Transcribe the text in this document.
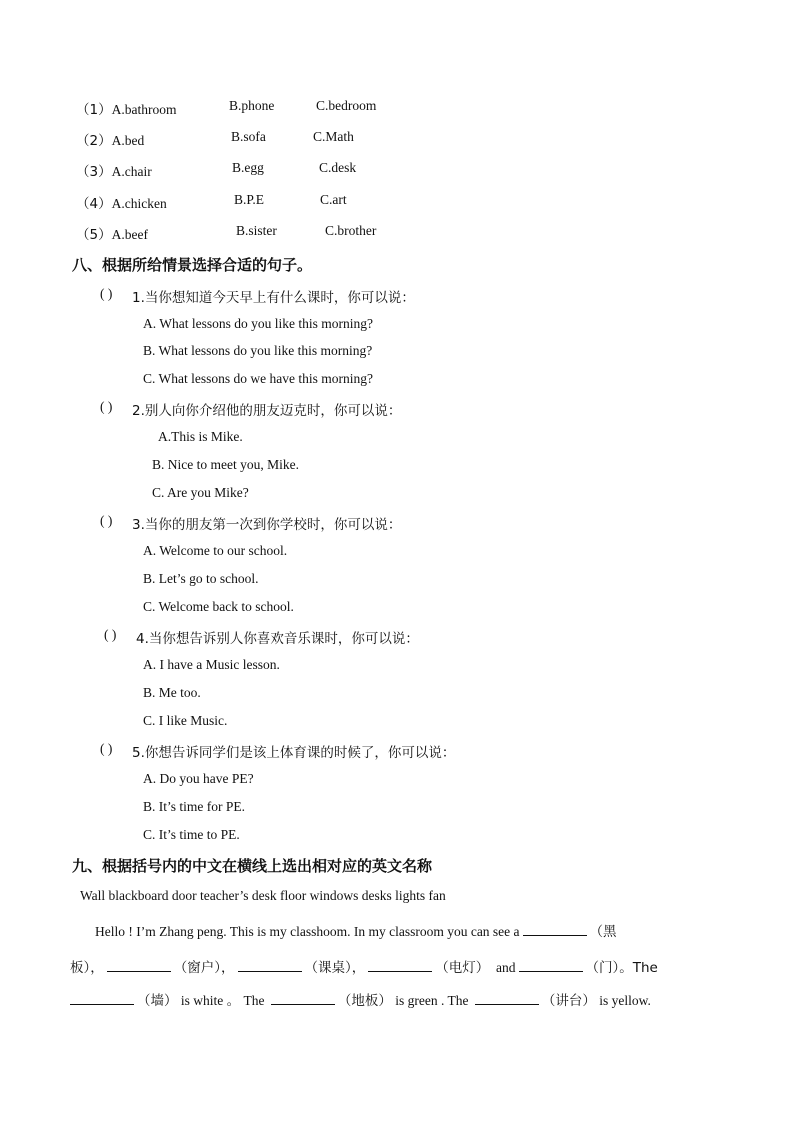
（1）A.bathroom	B.phone	C.bedroom
（2）A.bed	B.sofa	C.Math
（3）A.chair	B.egg	C.desk
（4）A.chicken	B.P.E	C.art
（5）A.beef	B.sister	C.brother
八、根据所给情景选择合适的句子。
( ) 1.当你想知道今天早上有什么课时，你可以说：
A. What lessons do you like this morning?
B. What lessons do you like this morning?
C. What lessons do we have this morning?
( ) 2.别人向你介绍他的朋友迈克时，你可以说：
A.This is Mike.
B. Nice to meet you, Mike.
C. Are you Mike?
( ) 3.当你的朋友第一次到你学校时，你可以说：
A. Welcome to our school.
B. Let’s go to school.
C. Welcome back to school.
( ) 4.当你想告诉别人你喜欢音乐课时，你可以说：
A. I have a Music lesson.
B. Me too.
C. I like Music.
( ) 5.你想告诉同学们是该上体育课的时候了，你可以说：
A. Do you have PE?
B. It’s time for PE.
C. It’s time to PE.
九、根据括号内的中文在横线上选出相对应的英文名称
Wall blackboard door teacher’s desk floor windows desks lights fan
Hello ! I’m Zhang peng. This is my classhoom. In my classroom you can see a	（黑
板），	（窗户），	（课桌），	（电灯） and	（门）。The
（墙） is white 。 The	（地板） is green . The	（讲台） is yellow.
